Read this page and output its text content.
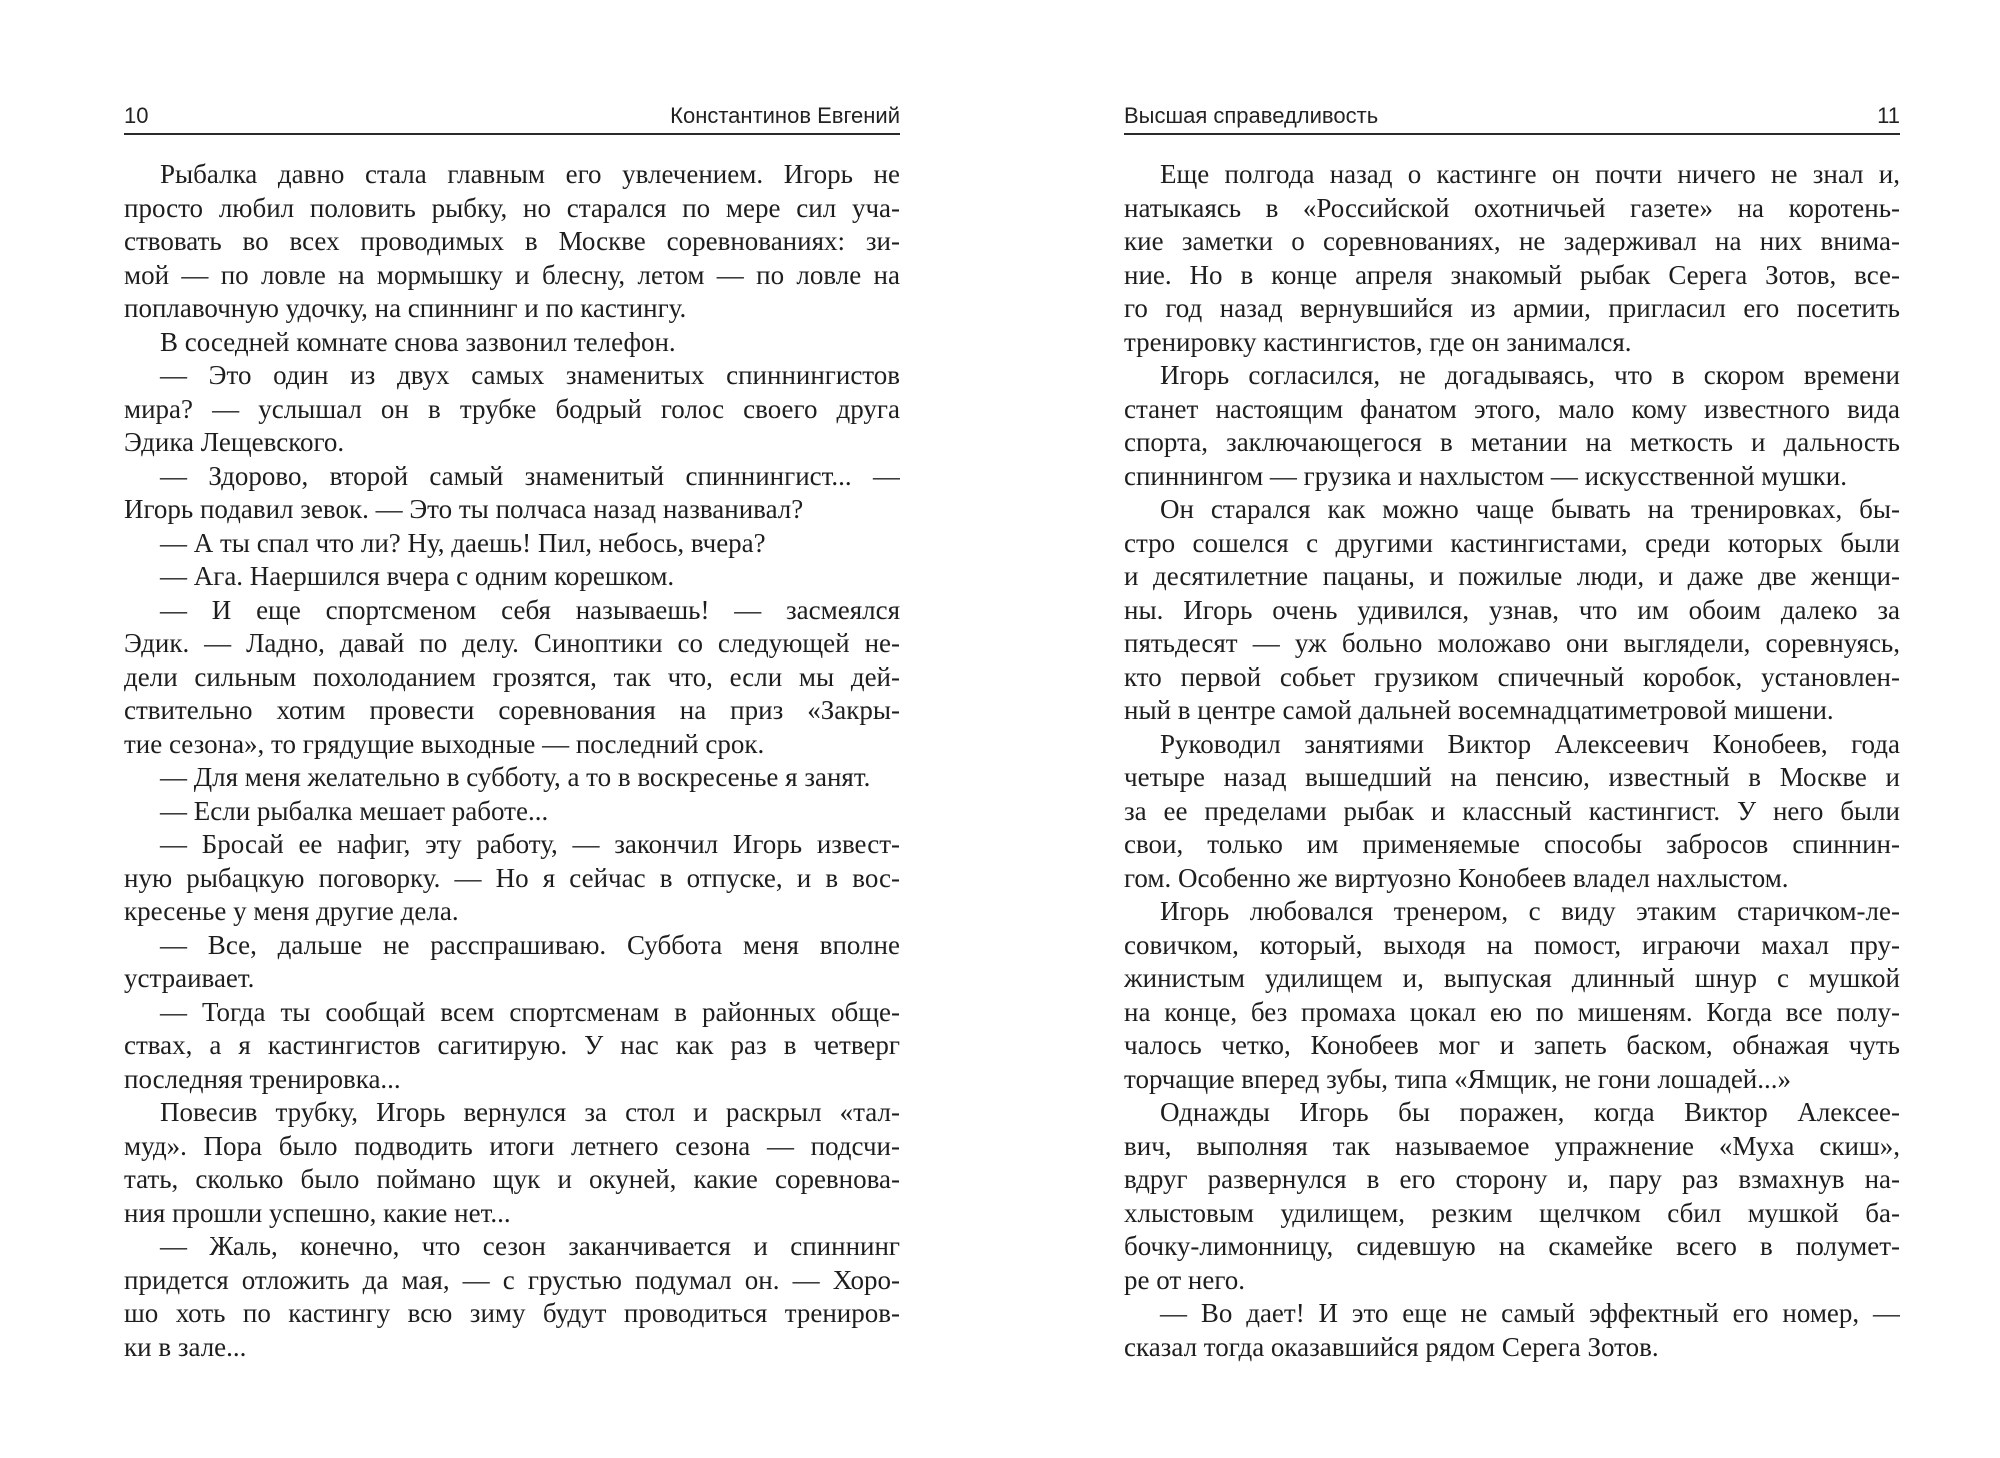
10	Константинов Евгений
Рыбалка давно стала главным его увлечением. Игорь не
просто любил половить рыбку, но старался по мере сил уча-
ствовать во всех проводимых в Москве соревнованиях: зи-
мой — по ловле на мормышку и блесну, летом — по ловле на
поплавочную удочку, на спиннинг и по кастингу.
В соседней комнате снова зазвонил телефон.
— Это один из двух самых знаменитых спиннингистов
мира? — услышал он в трубке бодрый голос своего друга
Эдика Лещевского.
— Здорово, второй самый знаменитый спиннингист... —
Игорь подавил зевок. — Это ты полчаса назад названивал?
— А ты спал что ли? Ну, даешь! Пил, небось, вчера?
— Ага. Наершился вчера с одним корешком.
— И еще спортсменом себя называешь! — засмеялся
Эдик. — Ладно, давай по делу. Синоптики со следующей не-
дели сильным похолоданием грозятся, так что, если мы дей-
ствительно хотим провести соревнования на приз «Закры-
тие сезона», то грядущие выходные — последний срок.
— Для меня желательно в субботу, а то в воскресенье я занят.
— Если рыбалка мешает работе...
— Бросай ее нафиг, эту работу, — закончил Игорь извест-
ную рыбацкую поговорку. — Но я сейчас в отпуске, и в вос-
кресенье у меня другие дела.
— Все, дальше не расспрашиваю. Суббота меня вполне
устраивает.
— Тогда ты сообщай всем спортсменам в районных обще-
ствах, а я кастингистов сагитирую. У нас как раз в четверг
последняя тренировка...
Повесив трубку, Игорь вернулся за стол и раскрыл «тал-
муд». Пора было подводить итоги летнего сезона — подсчи-
тать, сколько было поймано щук и окуней, какие соревнова-
ния прошли успешно, какие нет...
— Жаль, конечно, что сезон заканчивается и спиннинг
придется отложить да мая, — с грустью подумал он. — Хоро-
шо хоть по кастингу всю зиму будут проводиться трениров-
ки в зале...
Высшая справедливость	11
Еще полгода назад о кастинге он почти ничего не знал и,
натыкаясь в «Российской охотничьей газете» на коротень-
кие заметки о соревнованиях, не задерживал на них внима-
ние. Но в конце апреля знакомый рыбак Серега Зотов, все-
го год назад вернувшийся из армии, пригласил его посетить
тренировку кастингистов, где он занимался.
Игорь согласился, не догадываясь, что в скором времени
станет настоящим фанатом этого, мало кому известного вида
спорта, заключающегося в метании на меткость и дальность
спиннингом — грузика и нахлыстом — искусственной мушки.
Он старался как можно чаще бывать на тренировках, бы-
стро сошелся с другими кастингистами, среди которых были
и десятилетние пацаны, и пожилые люди, и даже две женщи-
ны. Игорь очень удивился, узнав, что им обоим далеко за
пятьдесят — уж больно моложаво они выглядели, соревнуясь,
кто первой собьет грузиком спичечный коробок, установлен-
ный в центре самой дальней восемнадцатиметровой мишени.
Руководил занятиями Виктор Алексеевич Конобеев, года
четыре назад вышедший на пенсию, известный в Москве и
за ее пределами рыбак и классный кастингист. У него были
свои, только им применяемые способы забросов спиннин-
гом. Особенно же виртуозно Конобеев владел нахлыстом.
Игорь любовался тренером, с виду этаким старичком-ле-
совичком, который, выходя на помост, играючи махал пру-
жинистым удилищем и, выпуская длинный шнур с мушкой
на конце, без промаха цокал ею по мишеням. Когда все полу-
чалось четко, Конобеев мог и запеть баском, обнажая чуть
торчащие вперед зубы, типа «Ямщик, не гони лошадей...»
Однажды Игорь бы поражен, когда Виктор Алексее-
вич, выполняя так называемое упражнение «Муха скиш»,
вдруг развернулся в его сторону и, пару раз взмахнув на-
хлыстовым удилищем, резким щелчком сбил мушкой ба-
бочку-лимонницу, сидевшую на скамейке всего в полумет-
ре от него.
— Во дает! И это еще не самый эффектный его номер, —
сказал тогда оказавшийся рядом Серега Зотов.
